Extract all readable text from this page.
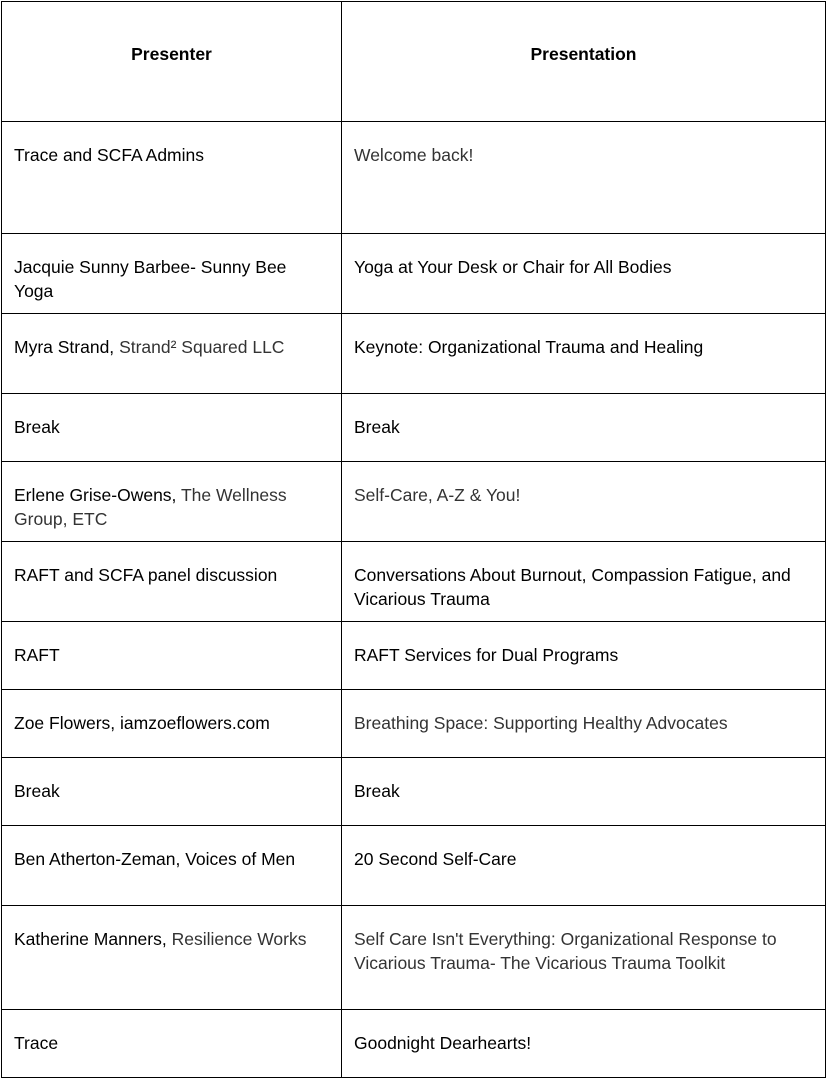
Presenter	Presentation
Trace and SCFA Admins	Welcome back!
Jacquie Sunny Barbee- Sunny Bee Yoga	Yoga at Your Desk or Chair for All Bodies
Myra Strand, Strand² Squared LLC	Keynote: Organizational Trauma and Healing
Break	Break
Erlene Grise-Owens, The Wellness Group, ETC	Self-Care, A-Z & You!
RAFT and SCFA panel discussion	Conversations About Burnout, Compassion Fatigue, and Vicarious Trauma
RAFT	RAFT Services for Dual Programs
Zoe Flowers, iamzoeflowers.com	Breathing Space: Supporting Healthy Advocates
Break	Break
Ben Atherton-Zeman, Voices of Men	20 Second Self-Care
Katherine Manners, Resilience Works	Self Care Isn't Everything: Organizational Response to Vicarious Trauma- The Vicarious Trauma Toolkit
Trace	Goodnight Dearhearts!
